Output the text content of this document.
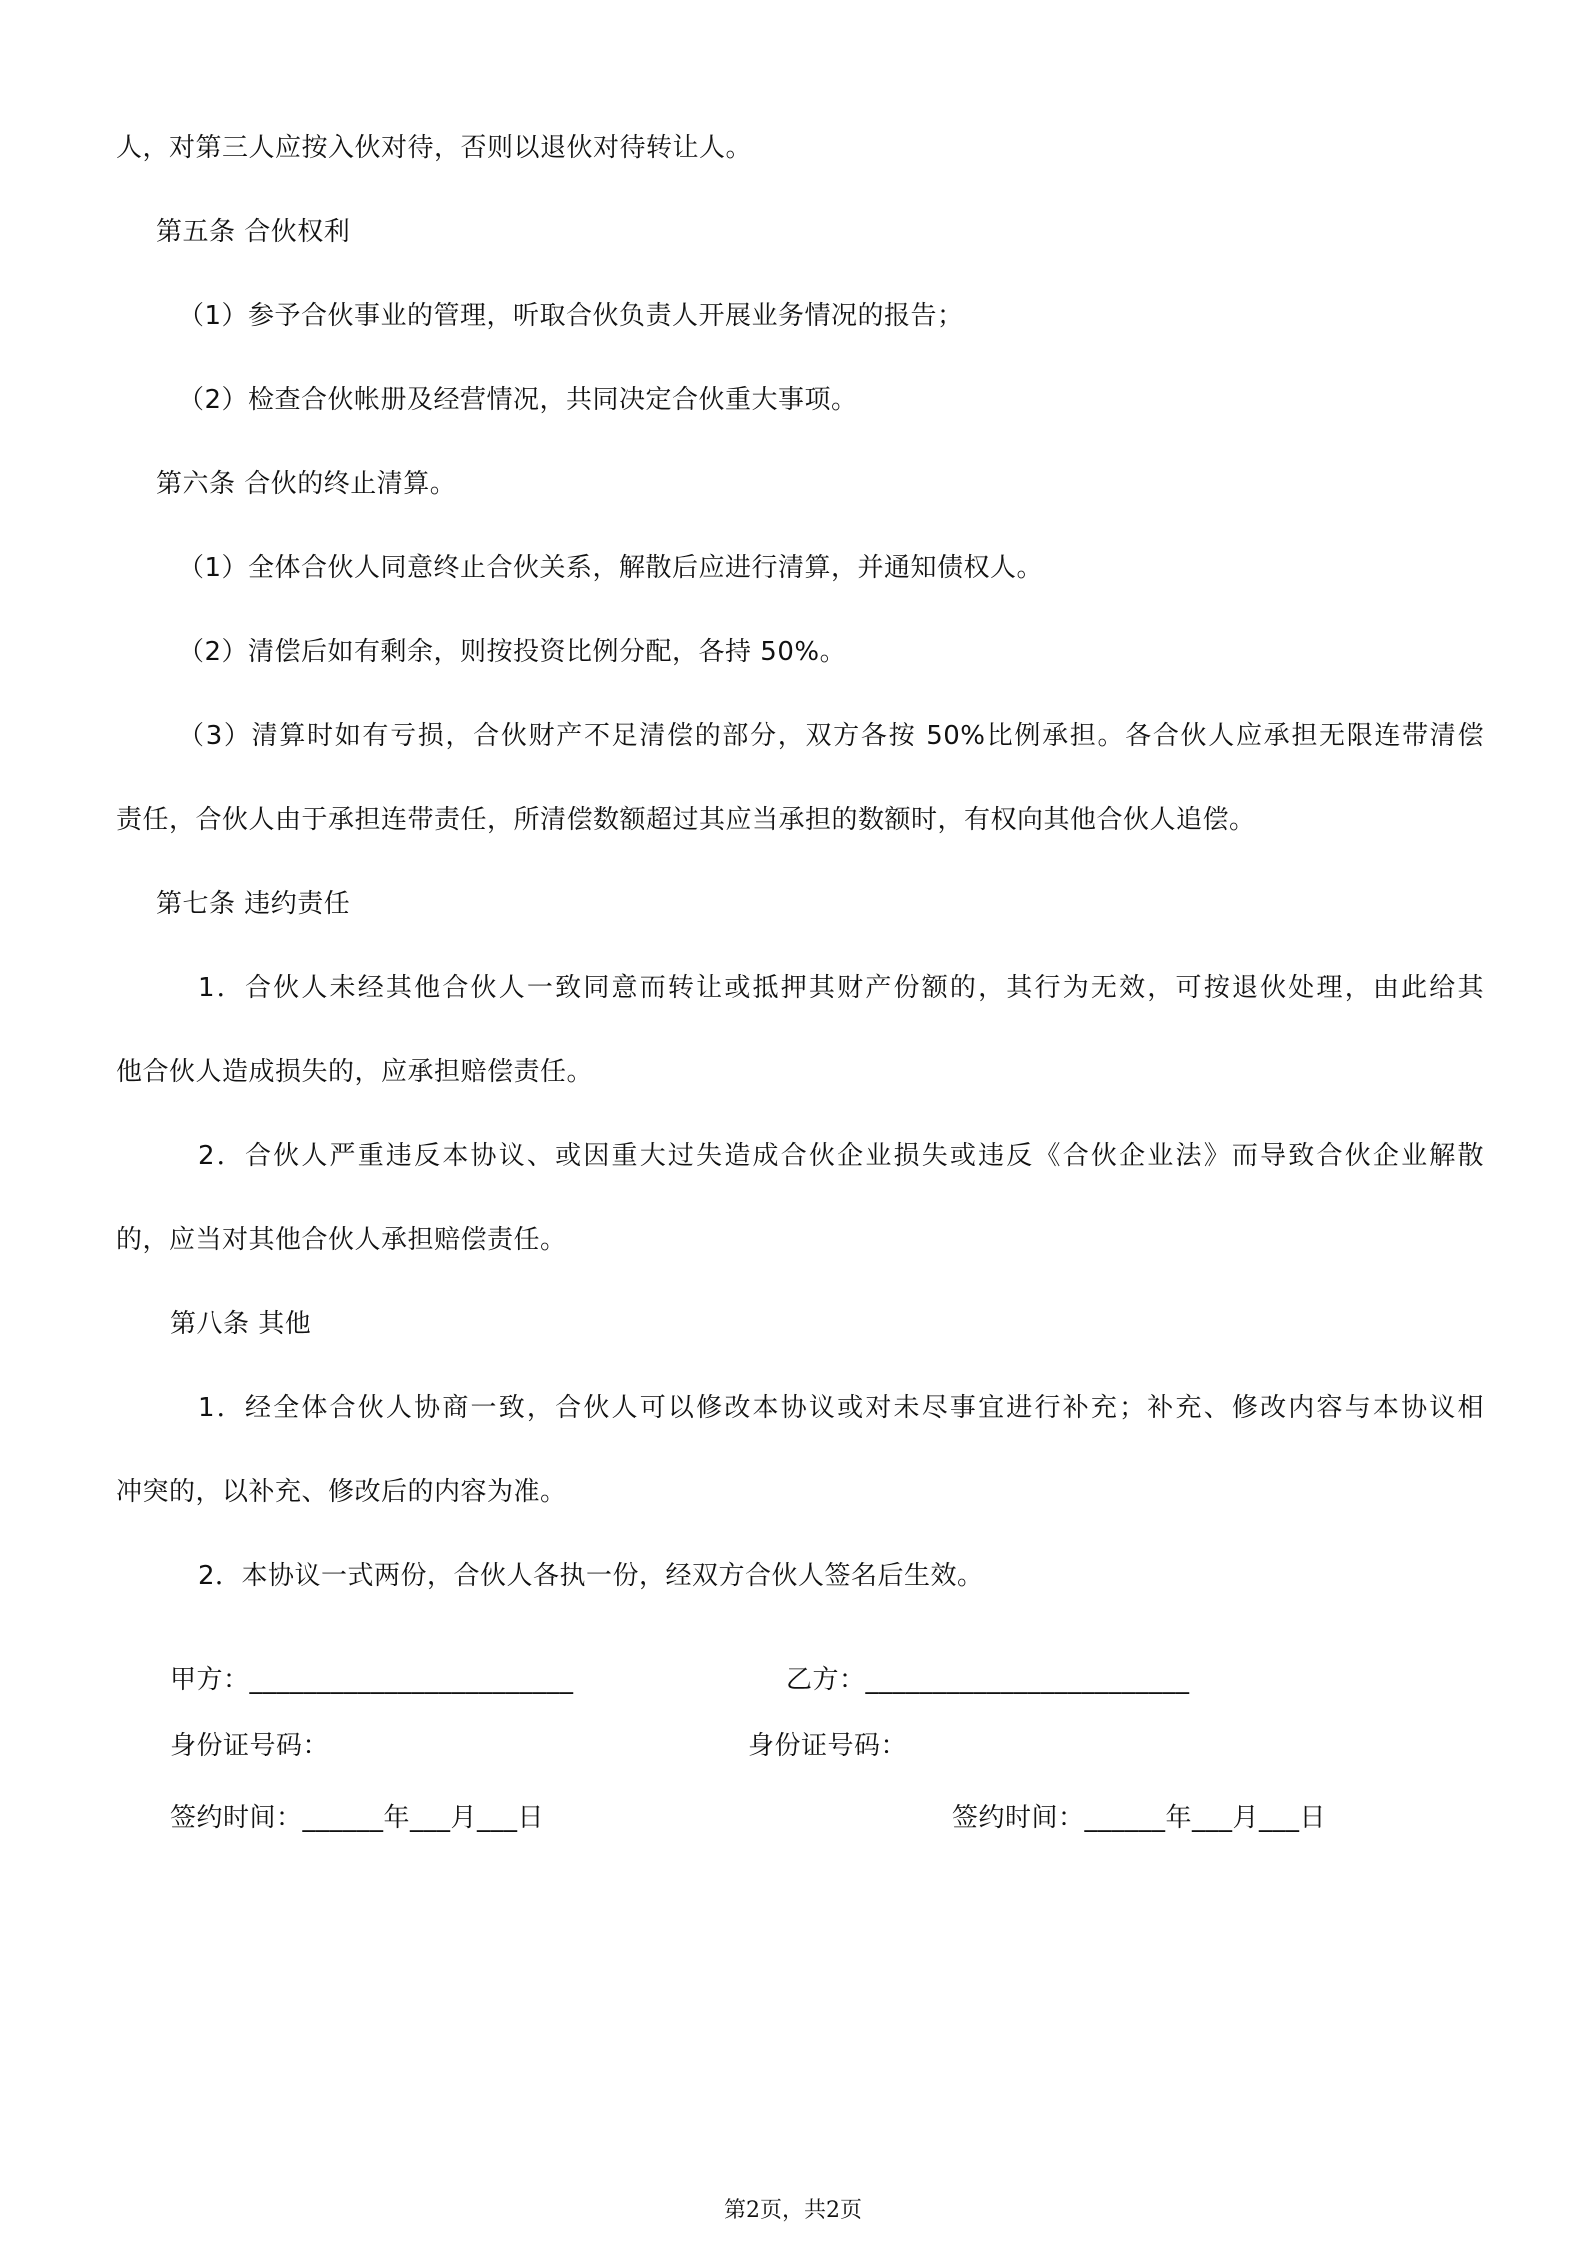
人，对第三人应按入伙对待，否则以退伙对待转让人。
第五条 合伙权利
（1）参予合伙事业的管理，听取合伙负责人开展业务情况的报告；
（2）检查合伙帐册及经营情况，共同决定合伙重大事项。
第六条 合伙的终止清算。
（1）全体合伙人同意终止合伙关系，解散后应进行清算，并通知债权人。
（2）清偿后如有剩余，则按投资比例分配，各持 50%。
（3）清算时如有亏损，合伙财产不足清偿的部分，双方各按 50%比例承担。各合伙人应承担无限连带清偿
责任，合伙人由于承担连带责任，所清偿数额超过其应当承担的数额时，有权向其他合伙人追偿。
第七条 违约责任
1．合伙人未经其他合伙人一致同意而转让或抵押其财产份额的，其行为无效，可按退伙处理，由此给其
他合伙人造成损失的，应承担赔偿责任。
2．合伙人严重违反本协议、或因重大过失造成合伙企业损失或违反《合伙企业法》而导致合伙企业解散
的，应当对其他合伙人承担赔偿责任。
第八条 其他
1．经全体合伙人协商一致，合伙人可以修改本协议或对未尽事宜进行补充；补充、修改内容与本协议相
冲突的，以补充、修改后的内容为准。
2．本协议一式两份，合伙人各执一份，经双方合伙人签名后生效。
甲方：________________________	乙方：________________________
身份证号码：	身份证号码：
签约时间：______年___月___日	签约时间：______年___月___日
第2页，共2页
